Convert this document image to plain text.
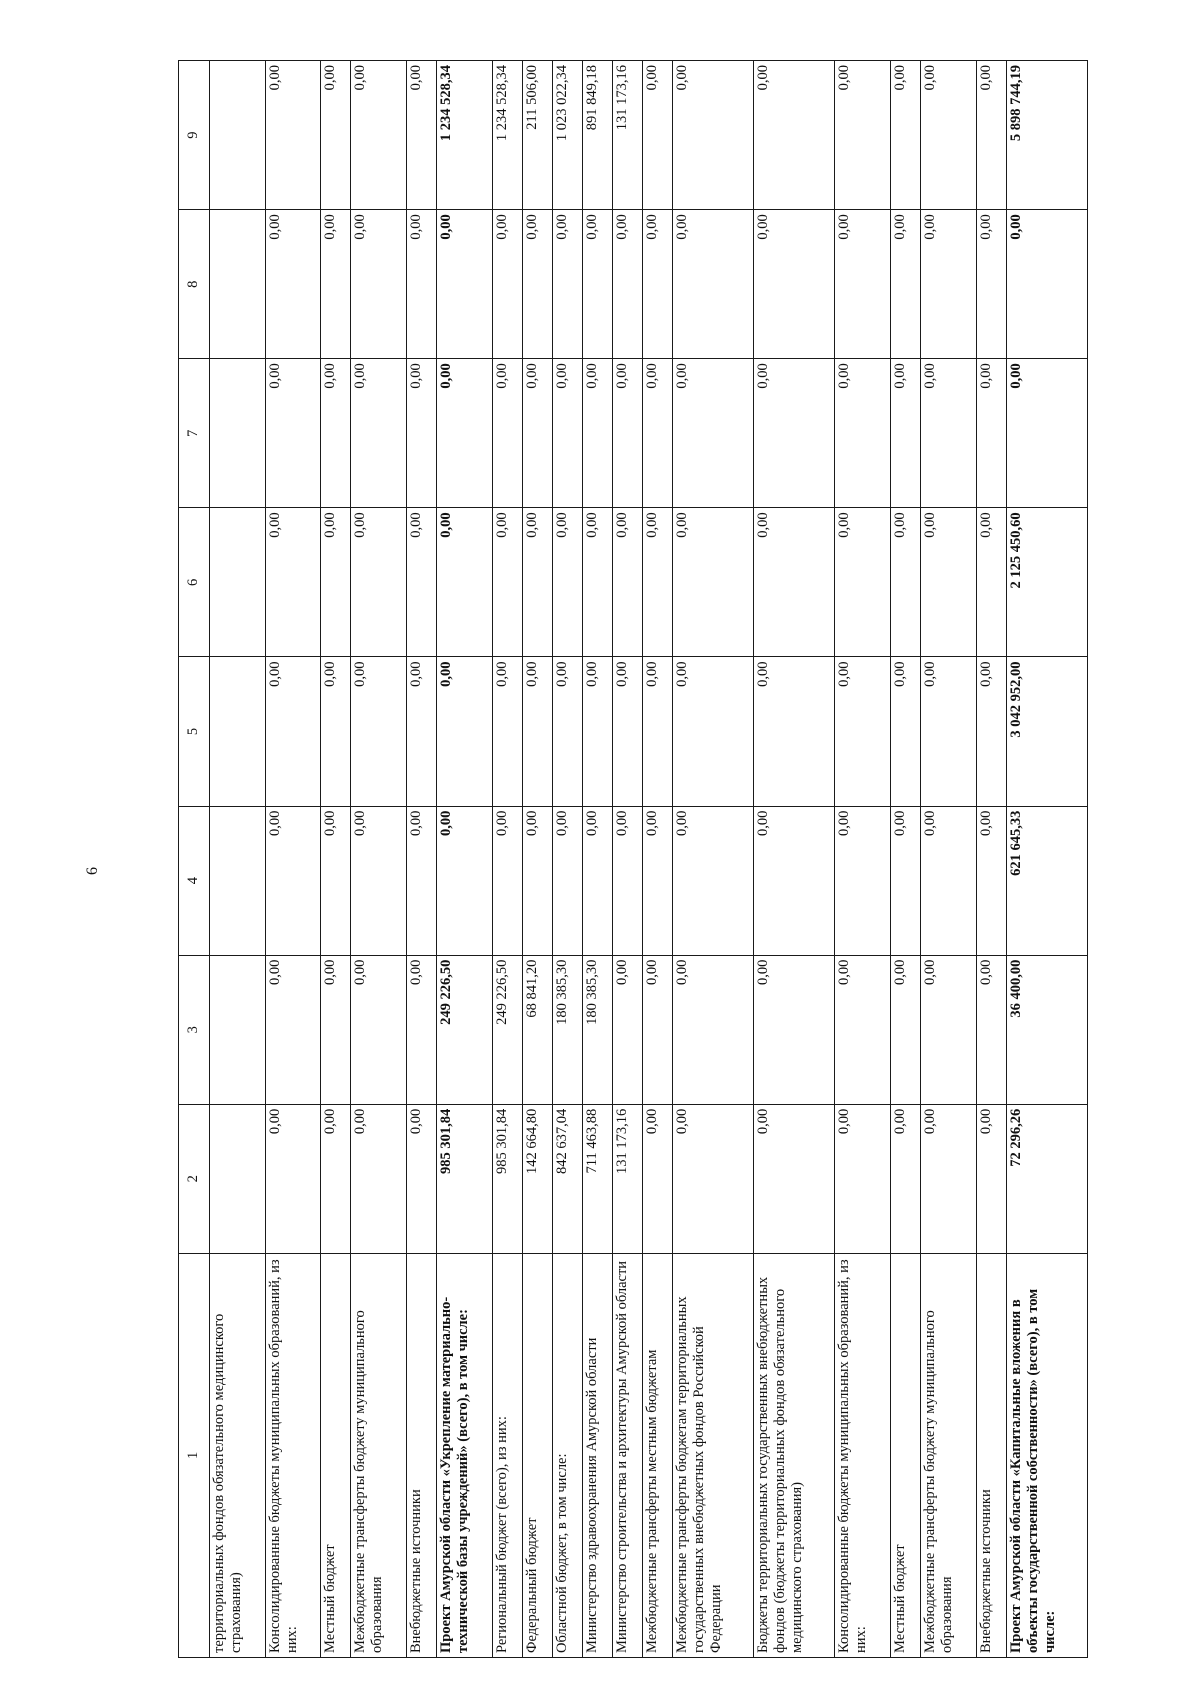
6
1	2	3	4	5	6	7	8	9
территориальных фондов обязательного медицинского страхования)								
Консолидированные бюджеты муниципальных образований, из них:	0,00	0,00	0,00	0,00	0,00	0,00	0,00	0,00
Местный бюджет	0,00	0,00	0,00	0,00	0,00	0,00	0,00	0,00
Межбюджетные трансферты бюджету муниципального образования	0,00	0,00	0,00	0,00	0,00	0,00	0,00	0,00
Внебюджетные источники	0,00	0,00	0,00	0,00	0,00	0,00	0,00	0,00
Проект Амурской области «Укрепление материально-технической базы учреждений» (всего), в том числе:	985 301,84	249 226,50	0,00	0,00	0,00	0,00	0,00	1 234 528,34
Региональный бюджет (всего), из них:	985 301,84	249 226,50	0,00	0,00	0,00	0,00	0,00	1 234 528,34
Федеральный бюджет	142 664,80	68 841,20	0,00	0,00	0,00	0,00	0,00	211 506,00
Областной бюджет, в том числе:	842 637,04	180 385,30	0,00	0,00	0,00	0,00	0,00	1 023 022,34
Министерство здравоохранения Амурской области	711 463,88	180 385,30	0,00	0,00	0,00	0,00	0,00	891 849,18
Министерство строительства и архитектуры Амурской области	131 173,16	0,00	0,00	0,00	0,00	0,00	0,00	131 173,16
Межбюджетные трансферты местным бюджетам	0,00	0,00	0,00	0,00	0,00	0,00	0,00	0,00
Межбюджетные трансферты бюджетам территориальных государственных внебюджетных фондов Российской Федерации	0,00	0,00	0,00	0,00	0,00	0,00	0,00	0,00
Бюджеты территориальных государственных внебюджетных фондов (бюджеты территориальных фондов обязательного медицинского страхования)	0,00	0,00	0,00	0,00	0,00	0,00	0,00	0,00
Консолидированные бюджеты муниципальных образований, из них:	0,00	0,00	0,00	0,00	0,00	0,00	0,00	0,00
Местный бюджет	0,00	0,00	0,00	0,00	0,00	0,00	0,00	0,00
Межбюджетные трансферты бюджету муниципального образования	0,00	0,00	0,00	0,00	0,00	0,00	0,00	0,00
Внебюджетные источники	0,00	0,00	0,00	0,00	0,00	0,00	0,00	0,00
Проект Амурской области «Капитальные вложения в объекты государственной собственности» (всего), в том числе:	72 296,26	36 400,00	621 645,33	3 042 952,00	2 125 450,60	0,00	0,00	5 898 744,19
